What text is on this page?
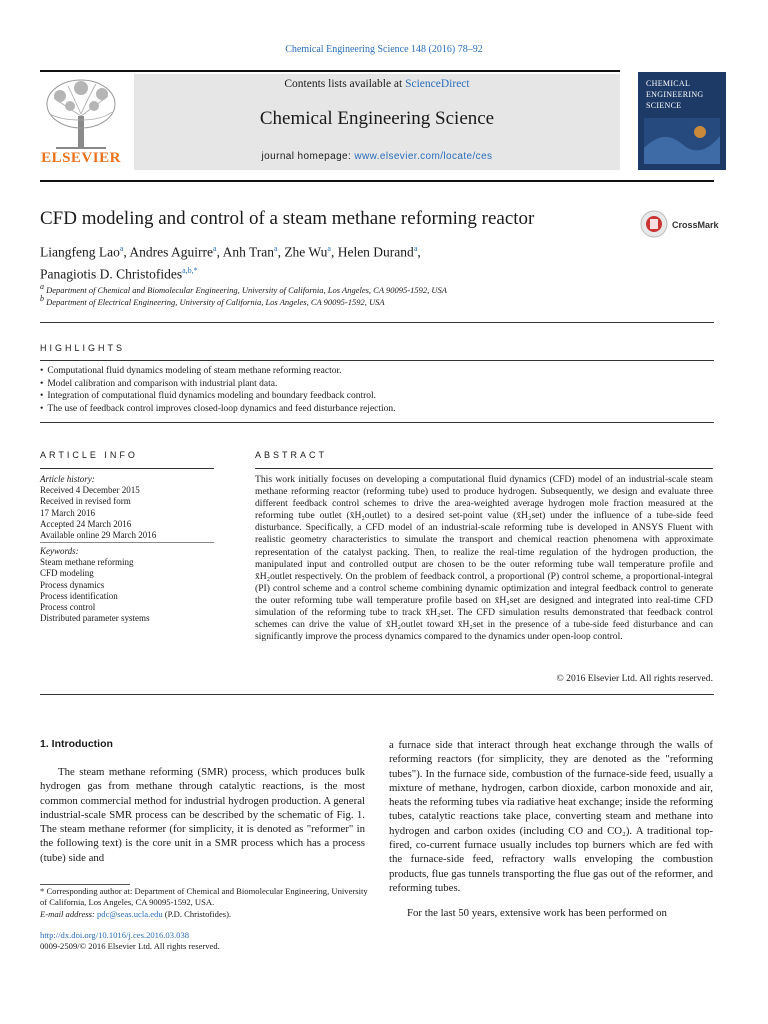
Chemical Engineering Science 148 (2016) 78–92
ELSEVIER
Contents lists available at ScienceDirect
Chemical Engineering Science
journal homepage: www.elsevier.com/locate/ces
CHEMICAL
ENGINEERING
SCIENCE
CFD modeling and control of a steam methane reforming reactor	CrossMark
Liangfeng Lao$^a$, Andres Aguirre$^a$, Anh Tran$^a$, Zhe Wu$^a$, Helen Durand$^a$,
Panagiotis D. Christofides$^{a,b,*}$
$^a$ Department of Chemical and Biomolecular Engineering, University of California, Los Angeles, CA 90095-1592, USA
$^b$ Department of Electrical Engineering, University of California, Los Angeles, CA 90095-1592, USA
HIGHLIGHTS
• Computational fluid dynamics modeling of steam methane reforming reactor.
• Model calibration and comparison with industrial plant data.
• Integration of computational fluid dynamics modeling and boundary feedback control.
• The use of feedback control improves closed-loop dynamics and feed disturbance rejection.
ARTICLE INFO
Article history:
Received 4 December 2015
Received in revised form
17 March 2016
Accepted 24 March 2016
Available online 29 March 2016
Keywords:
Steam methane reforming
CFD modeling
Process dynamics
Process identification
Process control
Distributed parameter systems
ABSTRACT
This work initially focuses on developing a computational fluid dynamics (CFD) model of an industrial-scale steam methane reforming reactor (reforming tube) used to produce hydrogen. Subsequently, we design and evaluate three different feedback control schemes to drive the area-weighted average hydrogen mole fraction measured at the reforming tube outlet (x̄H₂outlet) to a desired set-point value (x̄H₂set) under the influence of a tube-side feed disturbance. Specifically, a CFD model of an industrial-scale reforming tube is developed in ANSYS Fluent with realistic geometry characteristics to simulate the transport and chemical reaction phenomena with approximate representation of the catalyst packing. Then, to realize the real-time regulation of the hydrogen production, the manipulated input and controlled output are chosen to be the outer reforming tube wall temperature profile and x̄H₂outlet respectively. On the problem of feedback control, a proportional (P) control scheme, a proportional-integral (PI) control scheme and a control scheme combining dynamic optimization and integral feedback control to generate the outer reforming tube wall temperature profile based on x̄H₂set are designed and integrated into real-time CFD simulation of the reforming tube to track x̄H₂set. The CFD simulation results demonstrated that feedback control schemes can drive the value of x̄H₂outlet toward x̄H₂set in the presence of a tube-side feed disturbance and can significantly improve the process dynamics compared to the dynamics under open-loop control.
© 2016 Elsevier Ltd. All rights reserved.
1. Introduction
The steam methane reforming (SMR) process, which produces bulk hydrogen gas from methane through catalytic reactions, is the most common commercial method for industrial hydrogen production. A general industrial-scale SMR process can be described by the schematic of Fig. 1. The steam methane reformer (for simplicity, it is denoted as "reformer" in the following text) is the core unit in a SMR process which has a process (tube) side and
a furnace side that interact through heat exchange through the walls of reforming reactors (for simplicity, they are denoted as the "reforming tubes"). In the furnace side, combustion of the furnace-side feed, usually a mixture of methane, hydrogen, carbon dioxide, carbon monoxide and air, heats the reforming tubes via radiative heat exchange; inside the reforming tubes, catalytic reactions take place, converting steam and methane into hydrogen and carbon oxides (including CO and CO₂). A traditional top-fired, co-current furnace usually includes top burners which are fed with the furnace-side feed, refractory walls enveloping the combustion products, flue gas tunnels transporting the flue gas out of the reformer, and reforming tubes.
For the last 50 years, extensive work has been performed on
* Corresponding author at: Department of Chemical and Biomolecular Engineering, University of California, Los Angeles, CA 90095-1592, USA.
E-mail address: pdc@seas.ucla.edu (P.D. Christofides).
http://dx.doi.org/10.1016/j.ces.2016.03.038
0009-2509/© 2016 Elsevier Ltd. All rights reserved.
